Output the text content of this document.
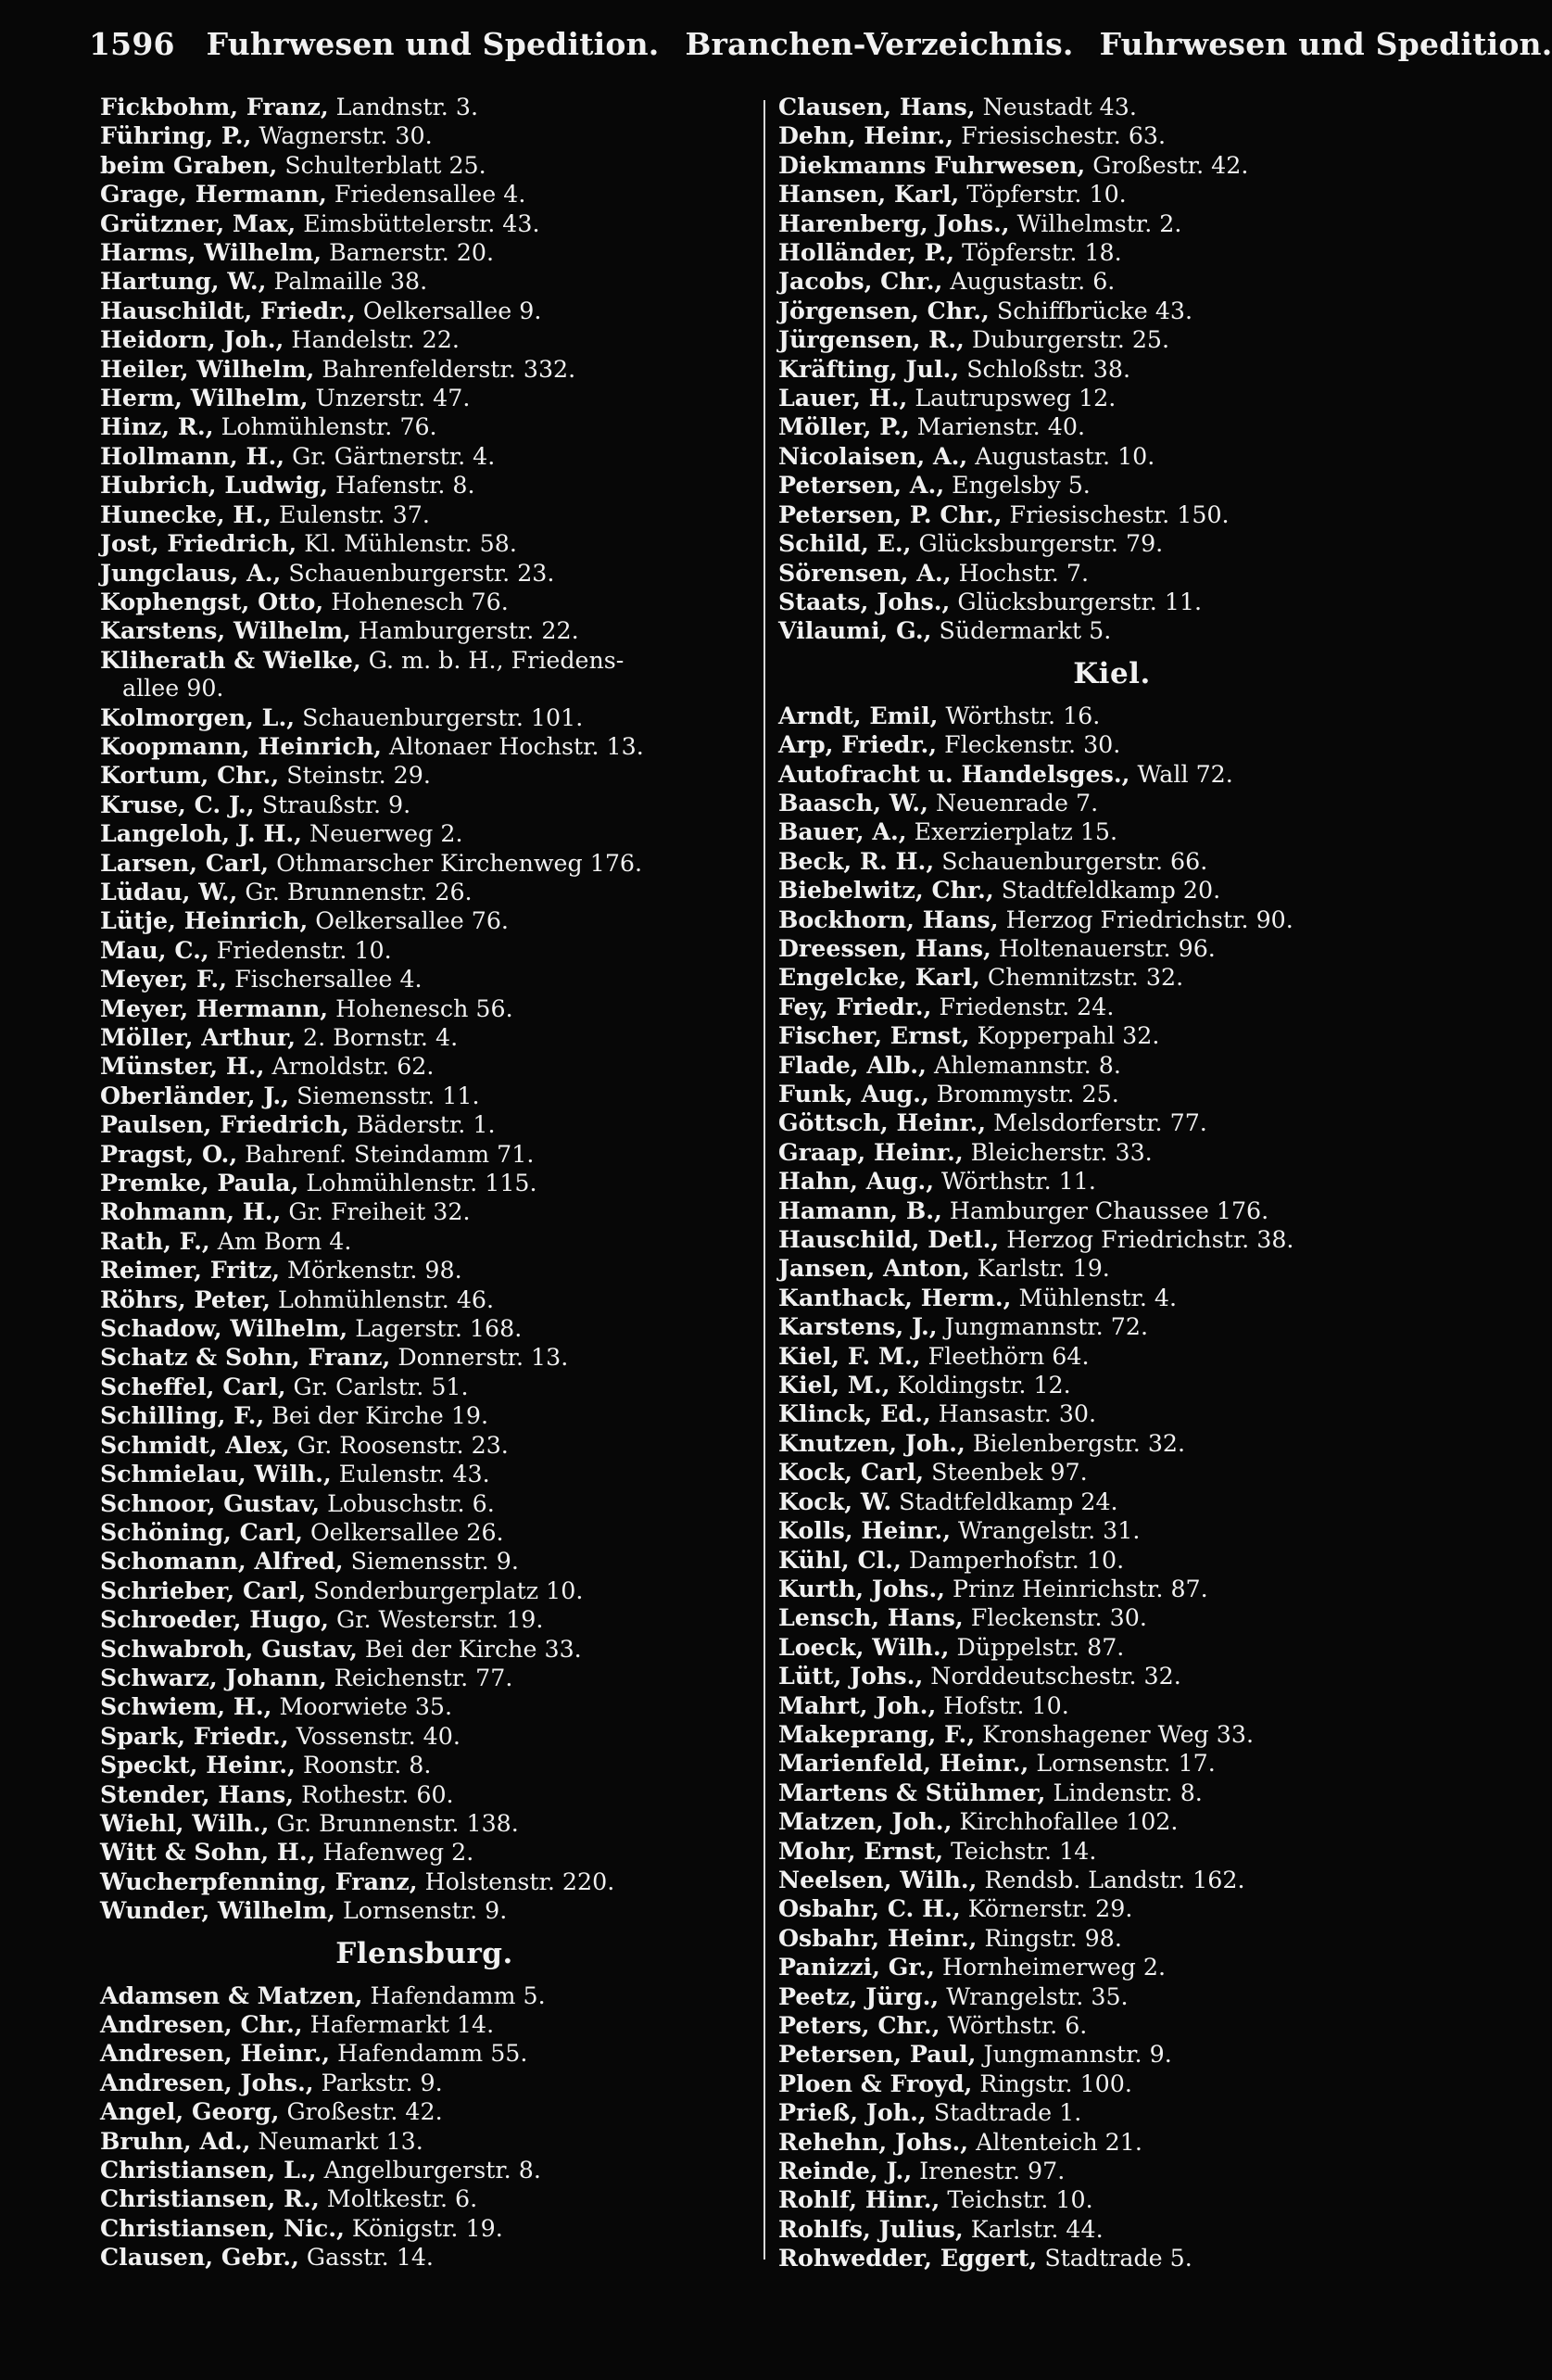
1596 Fuhrwesen und Spedition. Branchen-Verzeichnis. Fuhrwesen und Spedition.
Fickbohm, Franz, Landnstr. 3.
Führing, P., Wagnerstr. 30.
beim Graben, Schulterblatt 25.
Grage, Hermann, Friedensallee 4.
Grützner, Max, Eimsbüttelerstr. 43.
Harms, Wilhelm, Barnerstr. 20.
Hartung, W., Palmaille 38.
Hauschildt, Friedr., Oelkersallee 9.
Heidorn, Joh., Handelstr. 22.
Heiler, Wilhelm, Bahrenfelderstr. 332.
Herm, Wilhelm, Unzerstr. 47.
Hinz, R., Lohmühlenstr. 76.
Hollmann, H., Gr. Gärtnerstr. 4.
Hubrich, Ludwig, Hafenstr. 8.
Hunecke, H., Eulenstr. 37.
Jost, Friedrich, Kl. Mühlenstr. 58.
Jungclaus, A., Schauenburgerstr. 23.
Kophengst, Otto, Hohenesch 76.
Karstens, Wilhelm, Hamburgerstr. 22.
Kliherath & Wielke, G. m. b. H., Friedens-
allee 90.
Kolmorgen, L., Schauenburgerstr. 101.
Koopmann, Heinrich, Altonaer Hochstr. 13.
Kortum, Chr., Steinstr. 29.
Kruse, C. J., Straußstr. 9.
Langeloh, J. H., Neuerweg 2.
Larsen, Carl, Othmarscher Kirchenweg 176.
Lüdau, W., Gr. Brunnenstr. 26.
Lütje, Heinrich, Oelkersallee 76.
Mau, C., Friedenstr. 10.
Meyer, F., Fischersallee 4.
Meyer, Hermann, Hohenesch 56.
Möller, Arthur, 2. Bornstr. 4.
Münster, H., Arnoldstr. 62.
Oberländer, J., Siemensstr. 11.
Paulsen, Friedrich, Bäderstr. 1.
Pragst, O., Bahrenf. Steindamm 71.
Premke, Paula, Lohmühlenstr. 115.
Rohmann, H., Gr. Freiheit 32.
Rath, F., Am Born 4.
Reimer, Fritz, Mörkenstr. 98.
Röhrs, Peter, Lohmühlenstr. 46.
Schadow, Wilhelm, Lagerstr. 168.
Schatz & Sohn, Franz, Donnerstr. 13.
Scheffel, Carl, Gr. Carlstr. 51.
Schilling, F., Bei der Kirche 19.
Schmidt, Alex, Gr. Roosenstr. 23.
Schmielau, Wilh., Eulenstr. 43.
Schnoor, Gustav, Lobuschstr. 6.
Schöning, Carl, Oelkersallee 26.
Schomann, Alfred, Siemensstr. 9.
Schrieber, Carl, Sonderburgerplatz 10.
Schroeder, Hugo, Gr. Westerstr. 19.
Schwabroh, Gustav, Bei der Kirche 33.
Schwarz, Johann, Reichenstr. 77.
Schwiem, H., Moorwiete 35.
Spark, Friedr., Vossenstr. 40.
Speckt, Heinr., Roonstr. 8.
Stender, Hans, Rothestr. 60.
Wiehl, Wilh., Gr. Brunnenstr. 138.
Witt & Sohn, H., Hafenweg 2.
Wucherpfenning, Franz, Holstenstr. 220.
Wunder, Wilhelm, Lornsenstr. 9.
Flensburg.
Adamsen & Matzen, Hafendamm 5.
Andresen, Chr., Hafermarkt 14.
Andresen, Heinr., Hafendamm 55.
Andresen, Johs., Parkstr. 9.
Angel, Georg, Großestr. 42.
Bruhn, Ad., Neumarkt 13.
Christiansen, L., Angelburgerstr. 8.
Christiansen, R., Moltkestr. 6.
Christiansen, Nic., Königstr. 19.
Clausen, Gebr., Gasstr. 14.
Clausen, Hans, Neustadt 43.
Dehn, Heinr., Friesischestr. 63.
Diekmanns Fuhrwesen, Großestr. 42.
Hansen, Karl, Töpferstr. 10.
Harenberg, Johs., Wilhelmstr. 2.
Holländer, P., Töpferstr. 18.
Jacobs, Chr., Augustastr. 6.
Jörgensen, Chr., Schiffbrücke 43.
Jürgensen, R., Duburgerstr. 25.
Kräfting, Jul., Schloßstr. 38.
Lauer, H., Lautrupsweg 12.
Möller, P., Marienstr. 40.
Nicolaisen, A., Augustastr. 10.
Petersen, A., Engelsby 5.
Petersen, P. Chr., Friesischestr. 150.
Schild, E., Glücksburgerstr. 79.
Sörensen, A., Hochstr. 7.
Staats, Johs., Glücksburgerstr. 11.
Vilaumi, G., Südermarkt 5.
Kiel.
Arndt, Emil, Wörthstr. 16.
Arp, Friedr., Fleckenstr. 30.
Autofracht u. Handelsges., Wall 72.
Baasch, W., Neuenrade 7.
Bauer, A., Exerzierplatz 15.
Beck, R. H., Schauenburgerstr. 66.
Biebelwitz, Chr., Stadtfeldkamp 20.
Bockhorn, Hans, Herzog Friedrichstr. 90.
Dreessen, Hans, Holtenauerstr. 96.
Engelcke, Karl, Chemnitzstr. 32.
Fey, Friedr., Friedenstr. 24.
Fischer, Ernst, Kopperpahl 32.
Flade, Alb., Ahlemannstr. 8.
Funk, Aug., Brommystr. 25.
Göttsch, Heinr., Melsdorferstr. 77.
Graap, Heinr., Bleicherstr. 33.
Hahn, Aug., Wörthstr. 11.
Hamann, B., Hamburger Chaussee 176.
Hauschild, Detl., Herzog Friedrichstr. 38.
Jansen, Anton, Karlstr. 19.
Kanthack, Herm., Mühlenstr. 4.
Karstens, J., Jungmannstr. 72.
Kiel, F. M., Fleethörn 64.
Kiel, M., Koldingstr. 12.
Klinck, Ed., Hansastr. 30.
Knutzen, Joh., Bielenbergstr. 32.
Kock, Carl, Steenbek 97.
Kock, W. Stadtfeldkamp 24.
Kolls, Heinr., Wrangelstr. 31.
Kühl, Cl., Damperhofstr. 10.
Kurth, Johs., Prinz Heinrichstr. 87.
Lensch, Hans, Fleckenstr. 30.
Loeck, Wilh., Düppelstr. 87.
Lütt, Johs., Norddeutschestr. 32.
Mahrt, Joh., Hofstr. 10.
Makeprang, F., Kronshagener Weg 33.
Marienfeld, Heinr., Lornsenstr. 17.
Martens & Stühmer, Lindenstr. 8.
Matzen, Joh., Kirchhofallee 102.
Mohr, Ernst, Teichstr. 14.
Neelsen, Wilh., Rendsb. Landstr. 162.
Osbahr, C. H., Körnerstr. 29.
Osbahr, Heinr., Ringstr. 98.
Panizzi, Gr., Hornheimerweg 2.
Peetz, Jürg., Wrangelstr. 35.
Peters, Chr., Wörthstr. 6.
Petersen, Paul, Jungmannstr. 9.
Ploen & Froyd, Ringstr. 100.
Prieß, Joh., Stadtrade 1.
Rehehn, Johs., Altenteich 21.
Reinde, J., Irenestr. 97.
Rohlf, Hinr., Teichstr. 10.
Rohlfs, Julius, Karlstr. 44.
Rohwedder, Eggert, Stadtrade 5.
